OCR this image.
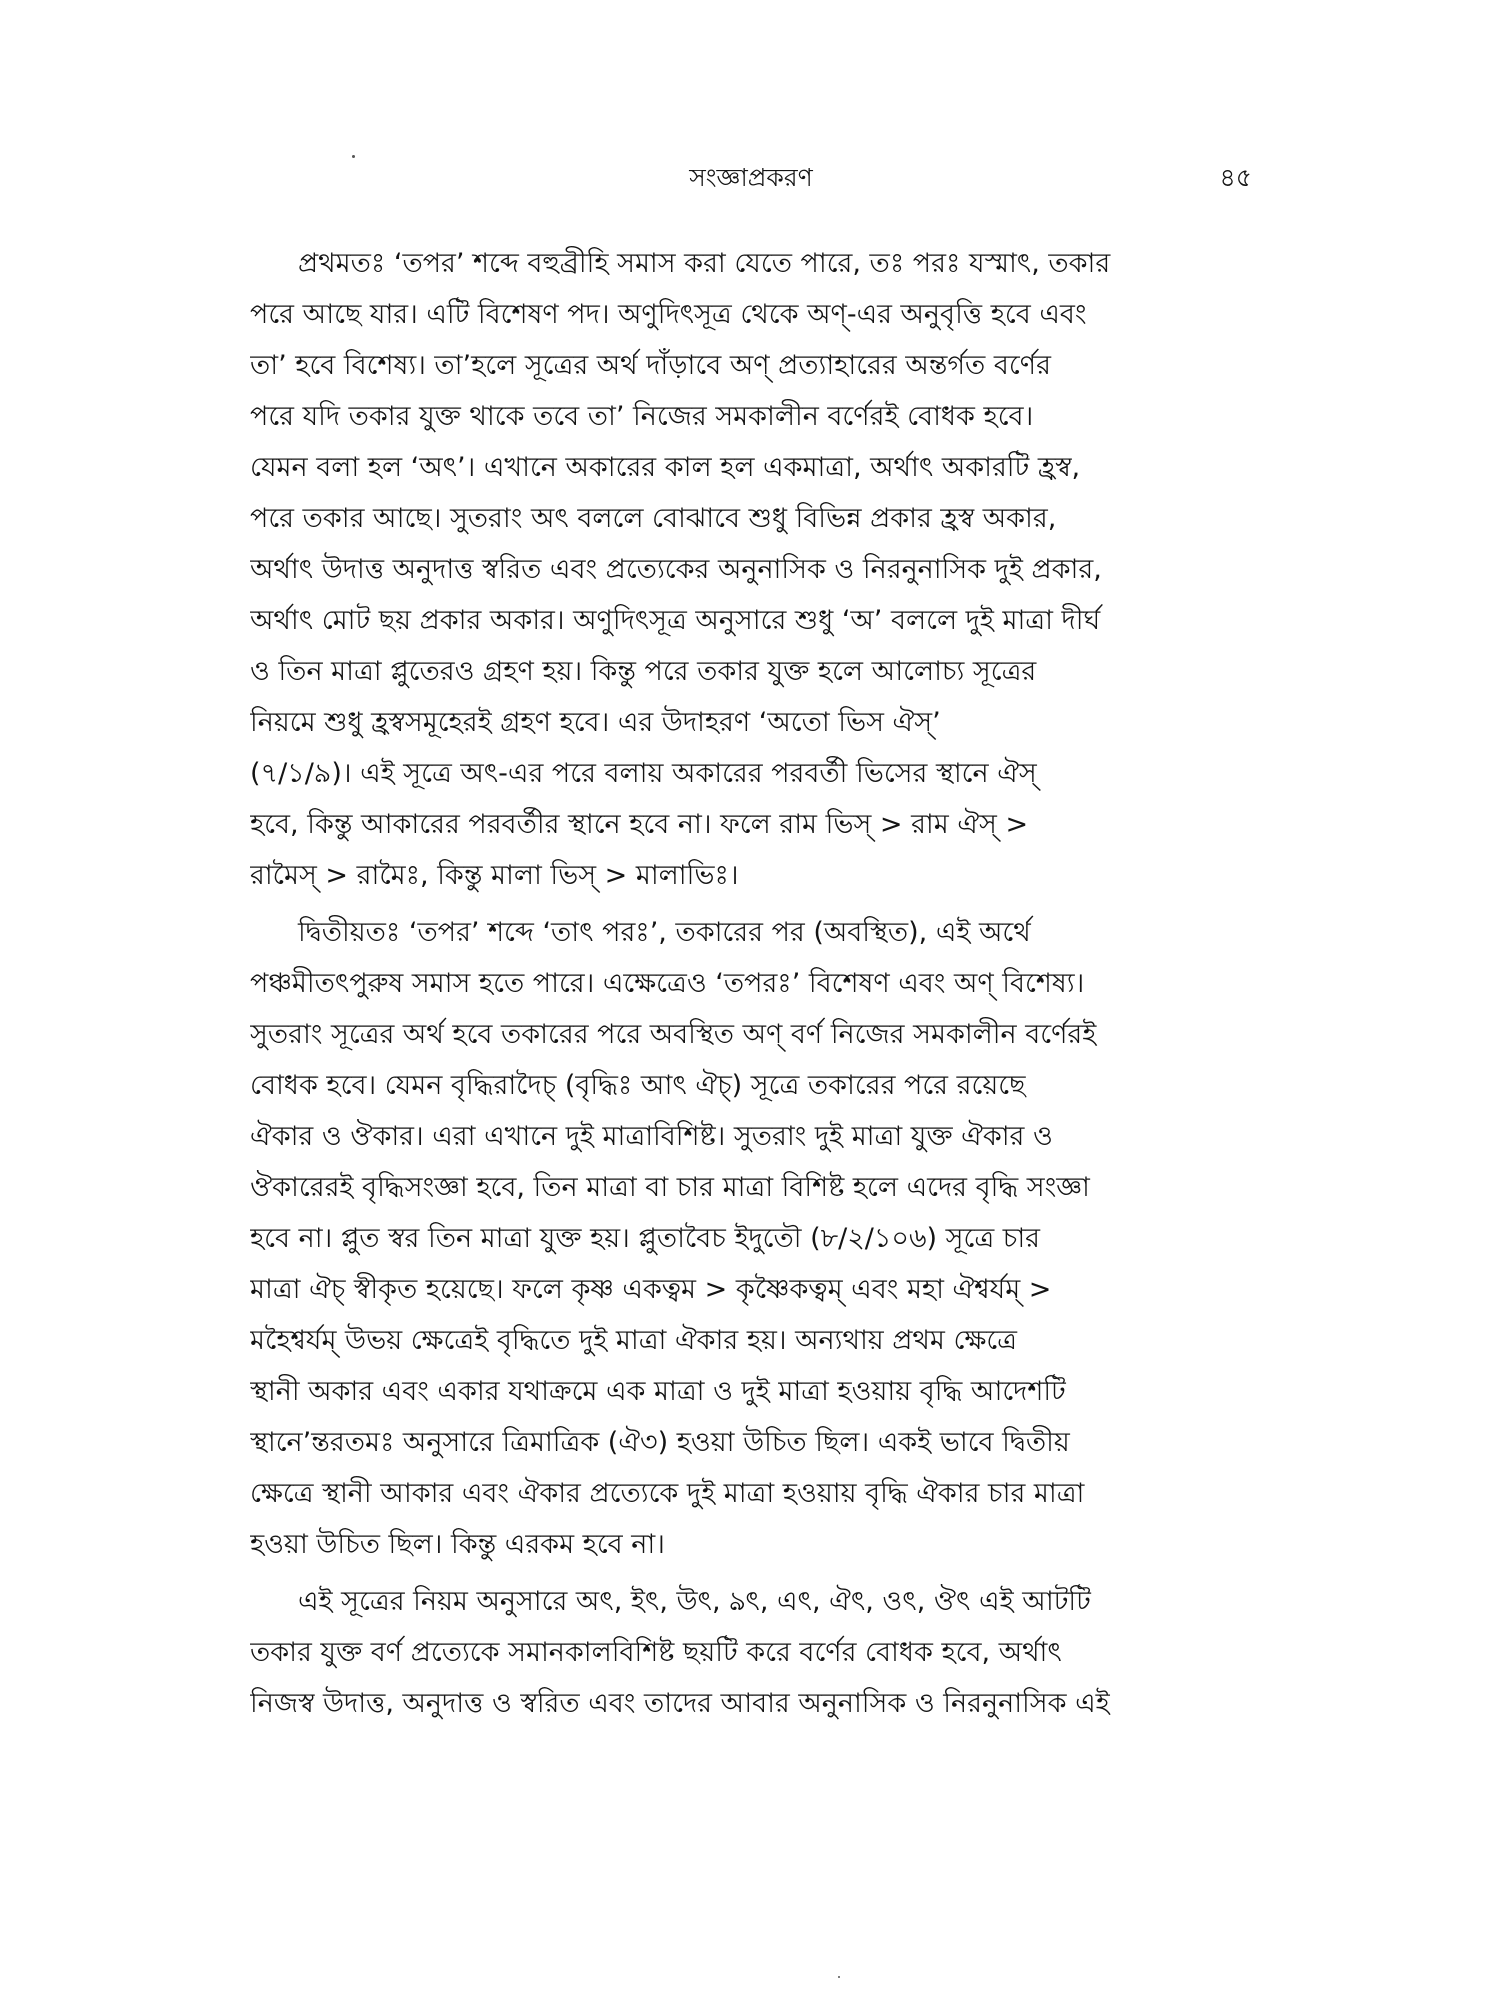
সংজ্ঞাপ্রকরণ	৪৫
প্রথমতঃ ‘তপর’ শব্দে বহুব্রীহি সমাস করা যেতে পারে, তঃ পরঃ যস্মাৎ, তকার
পরে আছে যার। এটি বিশেষণ পদ। অণুদিৎসূত্র থেকে অণ্-এর অনুবৃত্তি হবে এবং
তা’ হবে বিশেষ্য। তা’হলে সূত্রের অর্থ দাঁড়াবে অণ্ প্রত্যাহারের অন্তর্গত বর্ণের
পরে যদি তকার যুক্ত থাকে তবে তা’ নিজের সমকালীন বর্ণেরই বোধক হবে।
যেমন বলা হল ‘অৎ’। এখানে অকারের কাল হল একমাত্রা, অর্থাৎ অকারটি হ্রস্ব,
পরে তকার আছে। সুতরাং অৎ বললে বোঝাবে শুধু বিভিন্ন প্রকার হ্রস্ব অকার,
অর্থাৎ উদাত্ত অনুদাত্ত স্বরিত এবং প্রত্যেকের অনুনাসিক ও নিরনুনাসিক দুই প্রকার,
অর্থাৎ মোট ছয় প্রকার অকার। অণুদিৎসূত্র অনুসারে শুধু ‘অ’ বললে দুই মাত্রা দীর্ঘ
ও তিন মাত্রা প্লুতেরও গ্রহণ হয়। কিন্তু পরে তকার যুক্ত হলে আলোচ্য সূত্রের
নিয়মে শুধু হ্রস্বসমূহেরই গ্রহণ হবে। এর উদাহরণ ‘অতো ভিস ঐস্’
(৭/১/৯)। এই সূত্রে অৎ-এর পরে বলায় অকারের পরবর্তী ভিসের স্থানে ঐস্
হবে, কিন্তু আকারের পরবর্তীর স্থানে হবে না। ফলে রাম ভিস্ > রাম ঐস্ >
রামৈস্ > রামৈঃ, কিন্তু মালা ভিস্ > মালাভিঃ।
দ্বিতীয়তঃ ‘তপর’ শব্দে ‘তাৎ পরঃ’, তকারের পর (অবস্থিত), এই অর্থে
পঞ্চমীতৎপুরুষ সমাস হতে পারে। এক্ষেত্রেও ‘তপরঃ’ বিশেষণ এবং অণ্ বিশেষ্য।
সুতরাং সূত্রের অর্থ হবে তকারের পরে অবস্থিত অণ্ বর্ণ নিজের সমকালীন বর্ণেরই
বোধক হবে। যেমন বৃদ্ধিরাদৈচ্ (বৃদ্ধিঃ আৎ ঐচ্) সূত্রে তকারের পরে রয়েছে
ঐকার ও ঔকার। এরা এখানে দুই মাত্রাবিশিষ্ট। সুতরাং দুই মাত্রা যুক্ত ঐকার ও
ঔকারেরই বৃদ্ধিসংজ্ঞা হবে, তিন মাত্রা বা চার মাত্রা বিশিষ্ট হলে এদের বৃদ্ধি সংজ্ঞা
হবে না। প্লুত স্বর তিন মাত্রা যুক্ত হয়। প্লুতাবৈচ ইদুতৌ (৮/২/১০৬) সূত্রে চার
মাত্রা ঐচ্ স্বীকৃত হয়েছে। ফলে কৃষ্ণ একত্বম > কৃষ্ণৈকত্বম্ এবং মহা ঐশ্বর্যম্ >
মহৈশ্বর্যম্ উভয় ক্ষেত্রেই বৃদ্ধিতে দুই মাত্রা ঐকার হয়। অন্যথায় প্রথম ক্ষেত্রে
স্থানী অকার এবং একার যথাক্রমে এক মাত্রা ও দুই মাত্রা হওয়ায় বৃদ্ধি আদেশটি
স্থানে’ন্তরতমঃ অনুসারে ত্রিমাত্রিক (ঐ৩) হওয়া উচিত ছিল। একই ভাবে দ্বিতীয়
ক্ষেত্রে স্থানী আকার এবং ঐকার প্রত্যেকে দুই মাত্রা হওয়ায় বৃদ্ধি ঐকার চার মাত্রা
হওয়া উচিত ছিল। কিন্তু এরকম হবে না।
এই সূত্রের নিয়ম অনুসারে অৎ, ইৎ, উৎ, ঌৎ, এৎ, ঐৎ, ওৎ, ঔৎ এই আটটি
তকার যুক্ত বর্ণ প্রত্যেকে সমানকালবিশিষ্ট ছয়টি করে বর্ণের বোধক হবে, অর্থাৎ
নিজস্ব উদাত্ত, অনুদাত্ত ও স্বরিত এবং তাদের আবার অনুনাসিক ও নিরনুনাসিক এই
